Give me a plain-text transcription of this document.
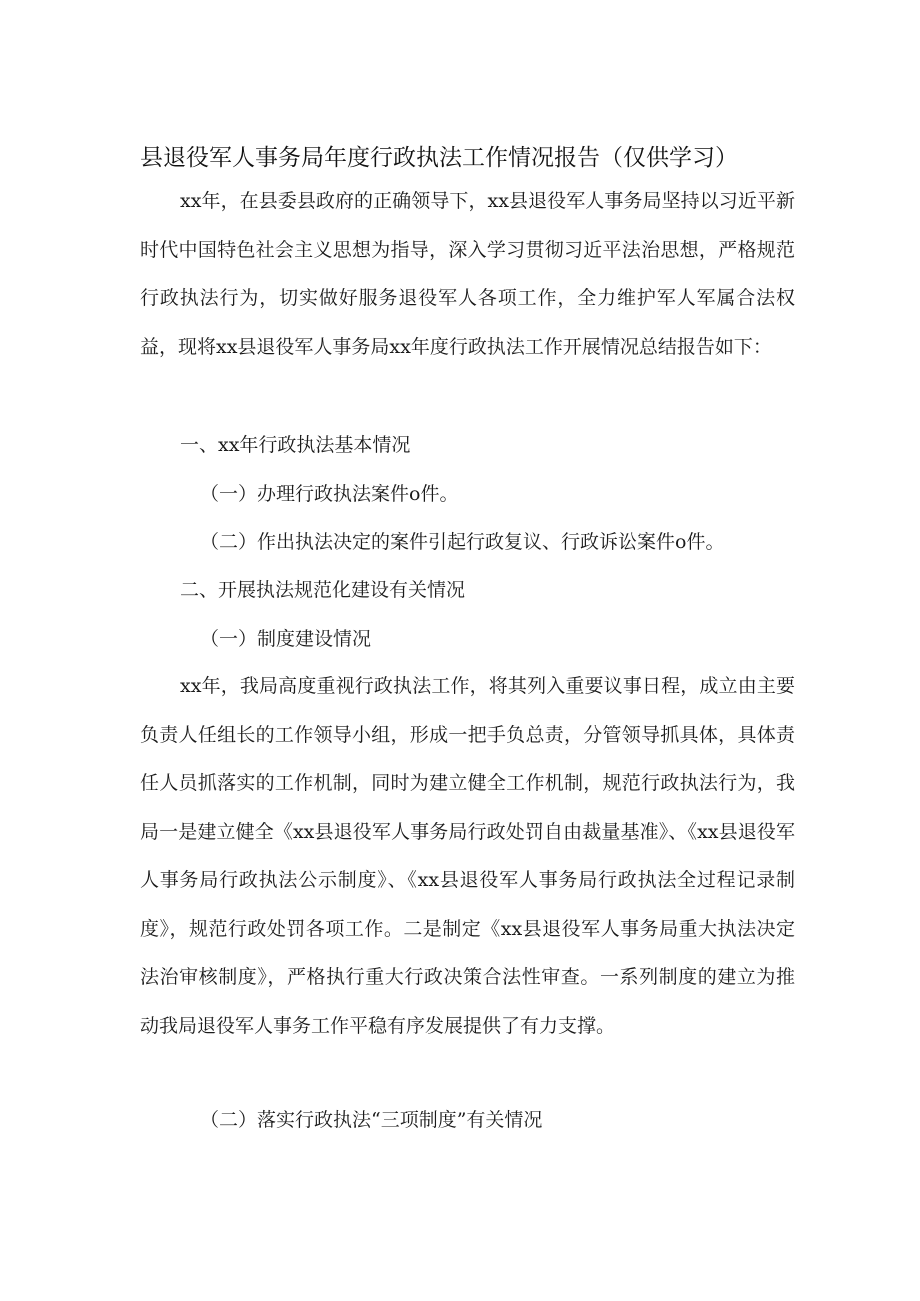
县退役军人事务局年度行政执法工作情况报告（仅供学习）

xx年，在县委县政府的正确领导下，xx县退役军人事务局坚持以习近平新时代中国特色社会主义思想为指导，深入学习贯彻习近平法治思想，严格规范行政执法行为，切实做好服务退役军人各项工作，全力维护军人军属合法权益，现将xx县退役军人事务局xx年度行政执法工作开展情况总结报告如下：

一、xx年行政执法基本情况

（一）办理行政执法案件o件。

（二）作出执法决定的案件引起行政复议、行政诉讼案件o件。

二、开展执法规范化建设有关情况

（一）制度建设情况

xx年，我局高度重视行政执法工作，将其列入重要议事日程，成立由主要负责人任组长的工作领导小组，形成一把手负总责，分管领导抓具体，具体责任人员抓落实的工作机制，同时为建立健全工作机制，规范行政执法行为，我局一是建立健全《xx县退役军人事务局行政处罚自由裁量基准》、《xx县退役军人事务局行政执法公示制度》、《xx县退役军人事务局行政执法全过程记录制度》，规范行政处罚各项工作。二是制定《xx县退役军人事务局重大执法决定法治审核制度》，严格执行重大行政决策合法性审查。一系列制度的建立为推动我局退役军人事务工作平稳有序发展提供了有力支撑。

（二）落实行政执法“三项制度”有关情况
